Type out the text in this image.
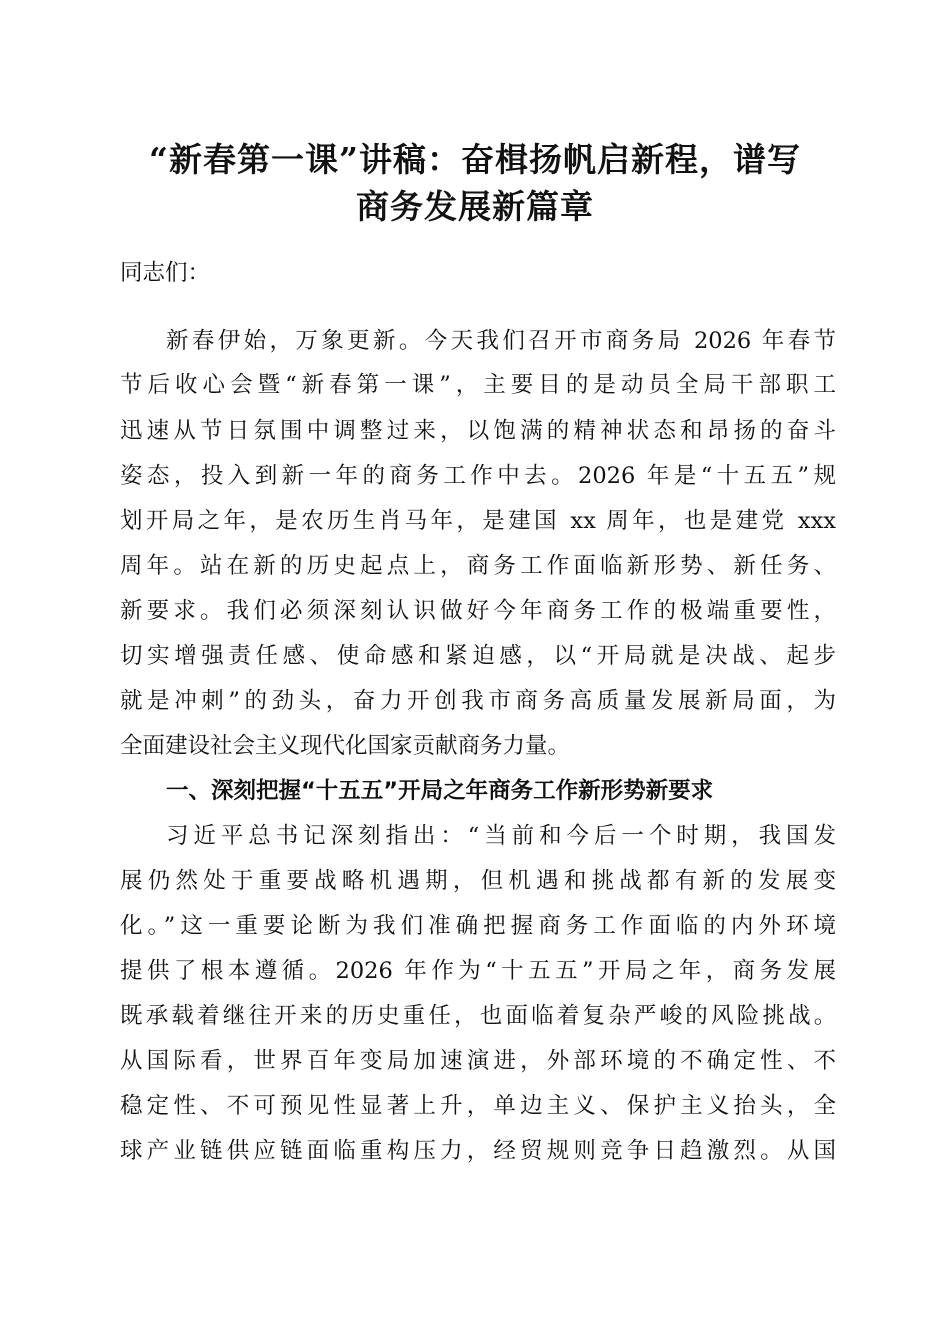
“新春第一课”讲稿：奋楫扬帆启新程，谱写
商务发展新篇章
同志们：
新春伊始，万象更新。今天我们召开市商务局 2026 年春节
节后收心会暨“新春第一课”，主要目的是动员全局干部职工
迅速从节日氛围中调整过来，以饱满的精神状态和昂扬的奋斗
姿态，投入到新一年的商务工作中去。2026 年是“十五五”规
划开局之年，是农历生肖马年，是建国 xx 周年，也是建党 xxx
周年。站在新的历史起点上，商务工作面临新形势、新任务、
新要求。我们必须深刻认识做好今年商务工作的极端重要性，
切实增强责任感、使命感和紧迫感，以“开局就是决战、起步
就是冲刺”的劲头，奋力开创我市商务高质量发展新局面，为
全面建设社会主义现代化国家贡献商务力量。
一、深刻把握“十五五”开局之年商务工作新形势新要求
习近平总书记深刻指出：“当前和今后一个时期，我国发
展仍然处于重要战略机遇期，但机遇和挑战都有新的发展变
化。”这一重要论断为我们准确把握商务工作面临的内外环境
提供了根本遵循。2026 年作为“十五五”开局之年，商务发展
既承载着继往开来的历史重任，也面临着复杂严峻的风险挑战。
从国际看，世界百年变局加速演进，外部环境的不确定性、不
稳定性、不可预见性显著上升，单边主义、保护主义抬头，全
球产业链供应链面临重构压力，经贸规则竞争日趋激烈。从国
